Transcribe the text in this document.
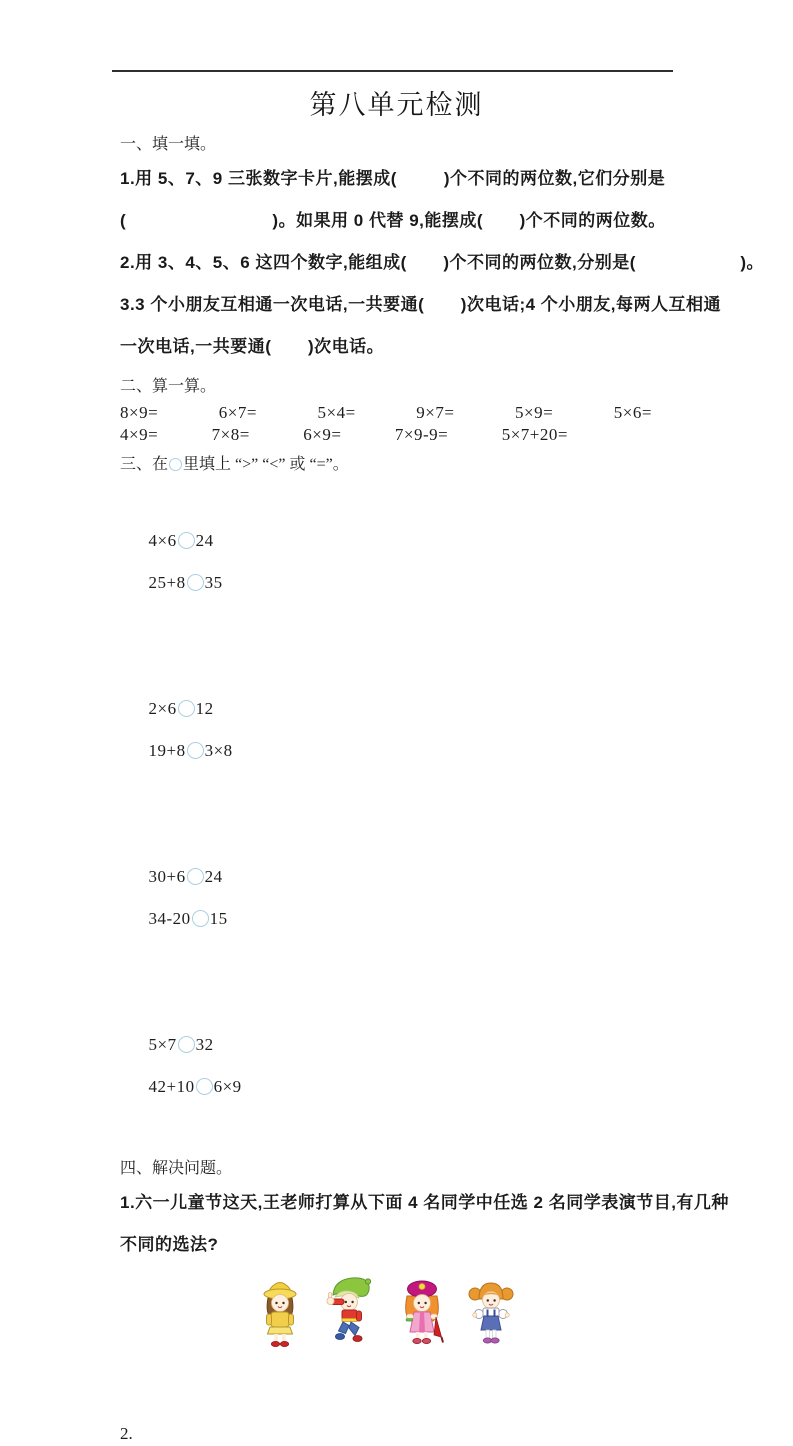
第八单元检测
一、填一填。

1.用 5、7、9 三张数字卡片,能摆成(         )个不同的两位数,它们分别是

(                            )。如果用 0 代替 9,能摆成(       )个不同的两位数。

2.用 3、4、5、6 这四个数字,能组成(       )个不同的两位数,分别是(                    )。

3.3 个小朋友互相通一次电话,一共要通(       )次电话;4 个小朋友,每两人互相通

一次电话,一共要通(       )次电话。

二、算一算。
8×9=	6×7=	5×4=	9×7=	5×9=	5×6=
4×9=	7×8=	6×9=	7×9-9=	5×7+20=
三、在 里填上 “>” “<” 或 “=”。

4×6 24
25+8 35

2×6 12
19+8 3×8

30+6 24
34-20 15

5×7 32
42+10 6×9

四、解决问题。

1.六一儿童节这天,王老师打算从下面 4 名同学中任选 2 名同学表演节目,有几种

不同的选法?

2.
